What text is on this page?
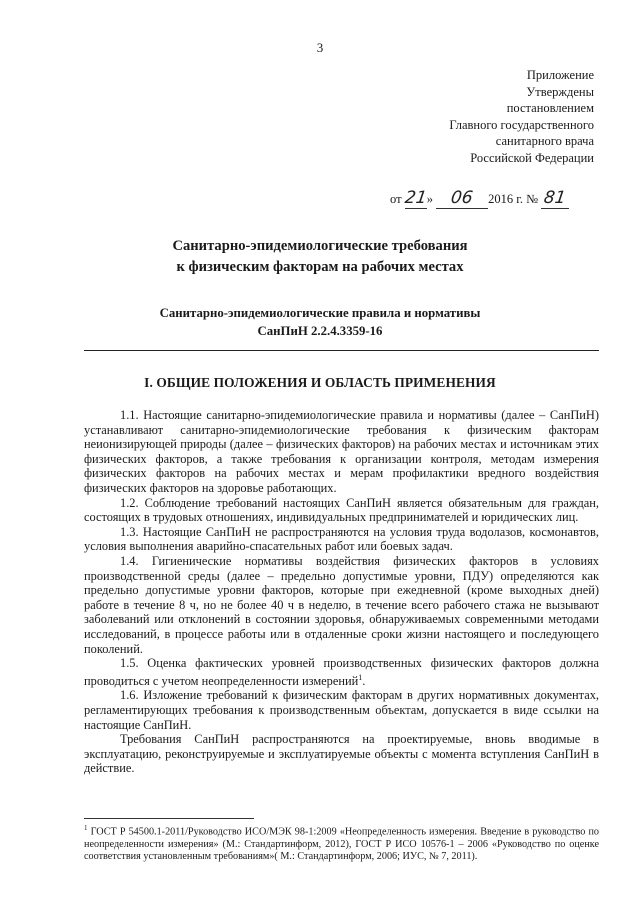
3
Приложение
Утверждены
постановлением
Главного государственного
санитарного врача
Российской Федерации
от 21» 06 2016 г. № 81
Санитарно-эпидемиологические требования
к физическим факторам на рабочих местах
Санитарно-эпидемиологические правила и нормативы
СанПиН 2.2.4.3359-16
I. ОБЩИЕ ПОЛОЖЕНИЯ И ОБЛАСТЬ ПРИМЕНЕНИЯ

1.1. Настоящие санитарно-эпидемиологические правила и нормативы (далее – СанПиН) устанавливают санитарно-эпидемиологические требования к физическим факторам неионизирующей природы (далее – физических факторов) на рабочих местах и источникам этих физических факторов, а также требования к организации контроля, методам измерения физических факторов на рабочих местах и мерам профилактики вредного воздействия физических факторов на здоровье работающих.

1.2. Соблюдение требований настоящих СанПиН является обязательным для граждан, состоящих в трудовых отношениях, индивидуальных предпринимателей и юридических лиц.

1.3. Настоящие СанПиН не распространяются на условия труда водолазов, космонавтов, условия выполнения аварийно-спасательных работ или боевых задач.

1.4. Гигиенические нормативы воздействия физических факторов в условиях производственной среды (далее – предельно допустимые уровни, ПДУ) определяются как предельно допустимые уровни факторов, которые при ежедневной (кроме выходных дней) работе в течение 8 ч, но не более 40 ч в неделю, в течение всего рабочего стажа не вызывают заболеваний или отклонений в состоянии здоровья, обнаруживаемых современными методами исследований, в процессе работы или в отдаленные сроки жизни настоящего и последующего поколений.

1.5. Оценка фактических уровней производственных физических факторов должна проводиться с учетом неопределенности измерений$^1$.

1.6. Изложение требований к физическим факторам в других нормативных документах, регламентирующих требования к производственным объектам, допускается в виде ссылки на настоящие СанПиН.

Требования СанПиН распространяются на проектируемые, вновь вводимые в эксплуатацию, реконструируемые и эксплуатируемые объекты с момента вступления СанПиН в действие.

$^1$ ГОСТ Р 54500.1-2011/Руководство ИСО/МЭК 98-1:2009 «Неопределенность измерения. Введение в руководство по неопределенности измерения» (М.: Стандартинформ, 2012), ГОСТ Р ИСО 10576-1 – 2006 «Руководство по оценке соответствия установленным требованиям»( М.: Стандартинформ, 2006; ИУС, № 7, 2011).
